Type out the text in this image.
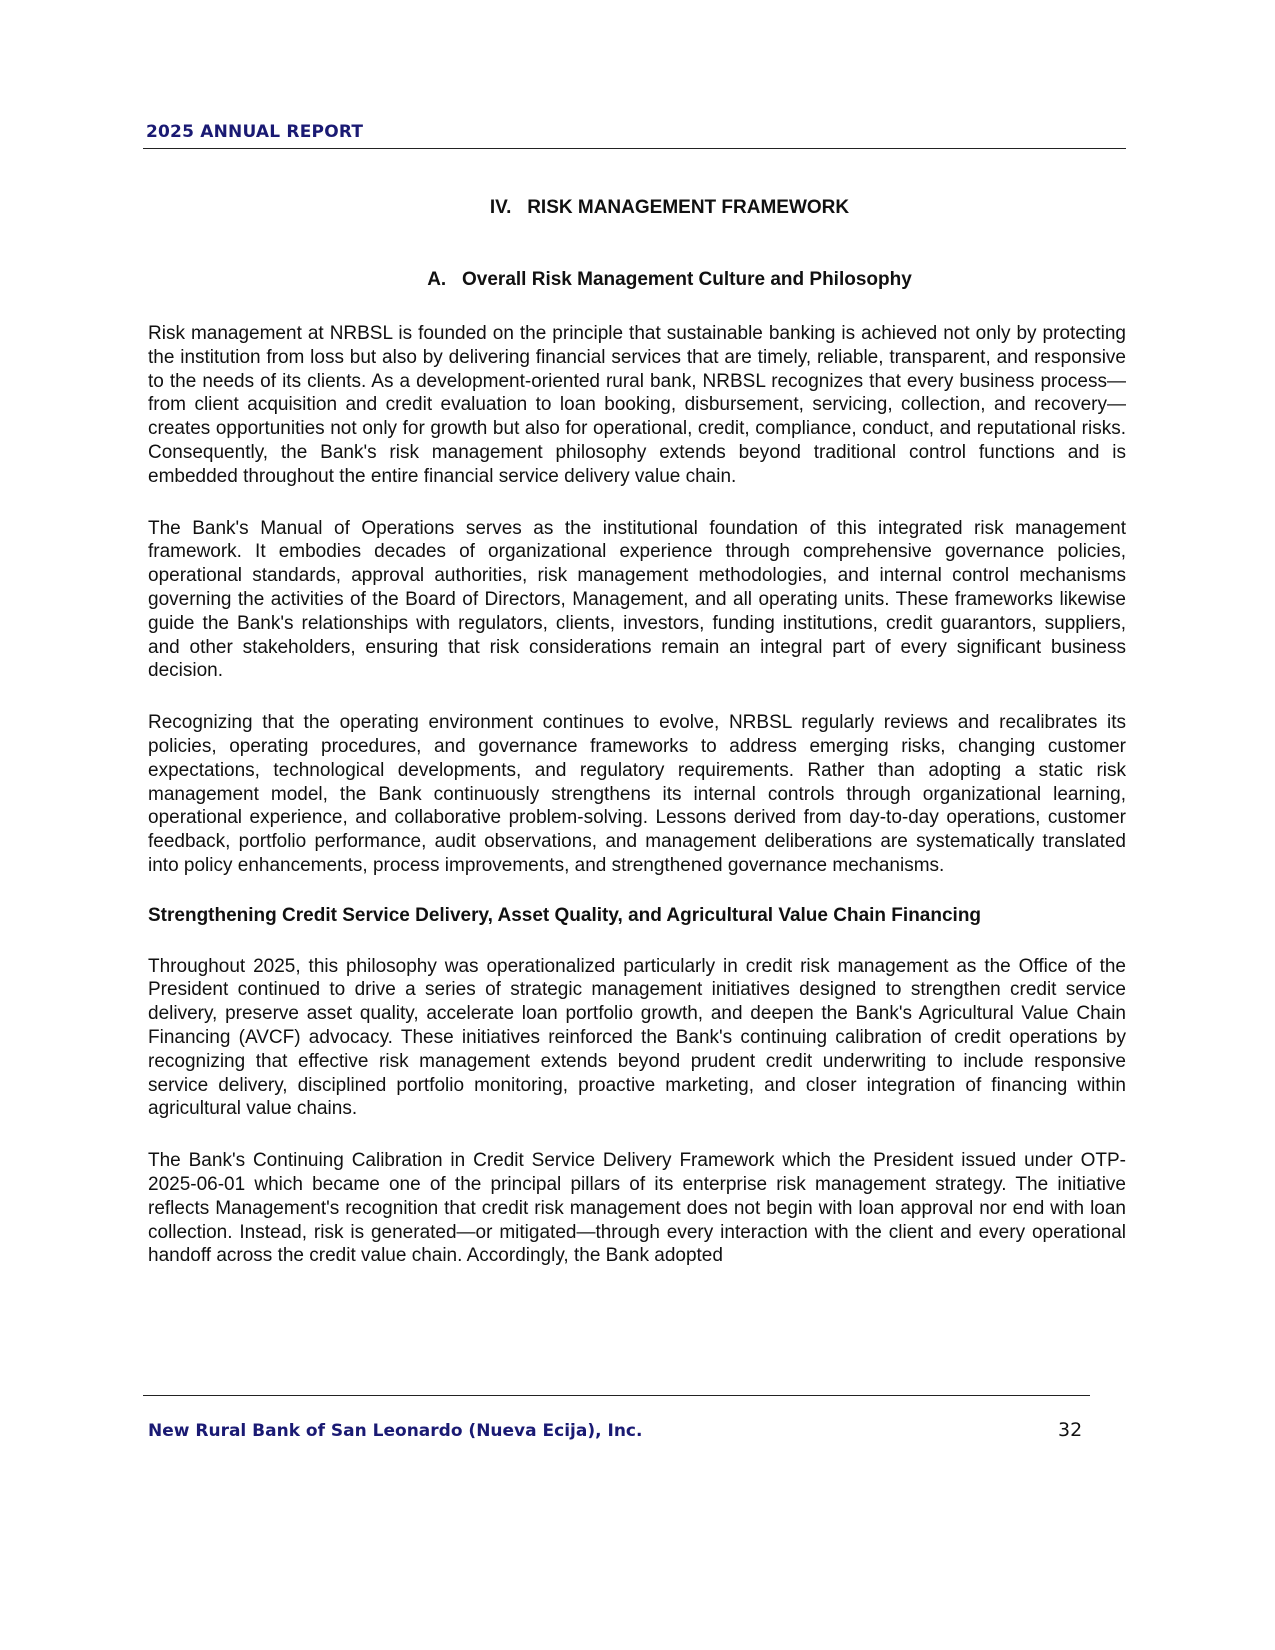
2025 ANNUAL REPORT
IV.   RISK MANAGEMENT FRAMEWORK
A.   Overall Risk Management Culture and Philosophy

Risk management at NRBSL is founded on the principle that sustainable banking is achieved not only by protecting the institution from loss but also by delivering financial services that are timely, reliable, transparent, and responsive to the needs of its clients. As a development-oriented rural bank, NRBSL recognizes that every business process—from client acquisition and credit evaluation to loan booking, disbursement, servicing, collection, and recovery—creates opportunities not only for growth but also for operational, credit, compliance, conduct, and reputational risks. Consequently, the Bank's risk management philosophy extends beyond traditional control functions and is embedded throughout the entire financial service delivery value chain.

The Bank's Manual of Operations serves as the institutional foundation of this integrated risk management framework. It embodies decades of organizational experience through comprehensive governance policies, operational standards, approval authorities, risk management methodologies, and internal control mechanisms governing the activities of the Board of Directors, Management, and all operating units. These frameworks likewise guide the Bank's relationships with regulators, clients, investors, funding institutions, credit guarantors, suppliers, and other stakeholders, ensuring that risk considerations remain an integral part of every significant business decision.

Recognizing that the operating environment continues to evolve, NRBSL regularly reviews and recalibrates its policies, operating procedures, and governance frameworks to address emerging risks, changing customer expectations, technological developments, and regulatory requirements. Rather than adopting a static risk management model, the Bank continuously strengthens its internal controls through organizational learning, operational experience, and collaborative problem-solving. Lessons derived from day-to-day operations, customer feedback, portfolio performance, audit observations, and management deliberations are systematically translated into policy enhancements, process improvements, and strengthened governance mechanisms.

Strengthening Credit Service Delivery, Asset Quality, and Agricultural Value Chain Financing

Throughout 2025, this philosophy was operationalized particularly in credit risk management as the Office of the President continued to drive a series of strategic management initiatives designed to strengthen credit service delivery, preserve asset quality, accelerate loan portfolio growth, and deepen the Bank's Agricultural Value Chain Financing (AVCF) advocacy. These initiatives reinforced the Bank's continuing calibration of credit operations by recognizing that effective risk management extends beyond prudent credit underwriting to include responsive service delivery, disciplined portfolio monitoring, proactive marketing, and closer integration of financing within agricultural value chains.

The Bank's Continuing Calibration in Credit Service Delivery Framework which the President issued under OTP-2025-06-01 which became one of the principal pillars of its enterprise risk management strategy. The initiative reflects Management's recognition that credit risk management does not begin with loan approval nor end with loan collection. Instead, risk is generated—or mitigated—through every interaction with the client and every operational handoff across the credit value chain. Accordingly, the Bank adopted

New Rural Bank of San Leonardo (Nueva Ecija), Inc.	32
